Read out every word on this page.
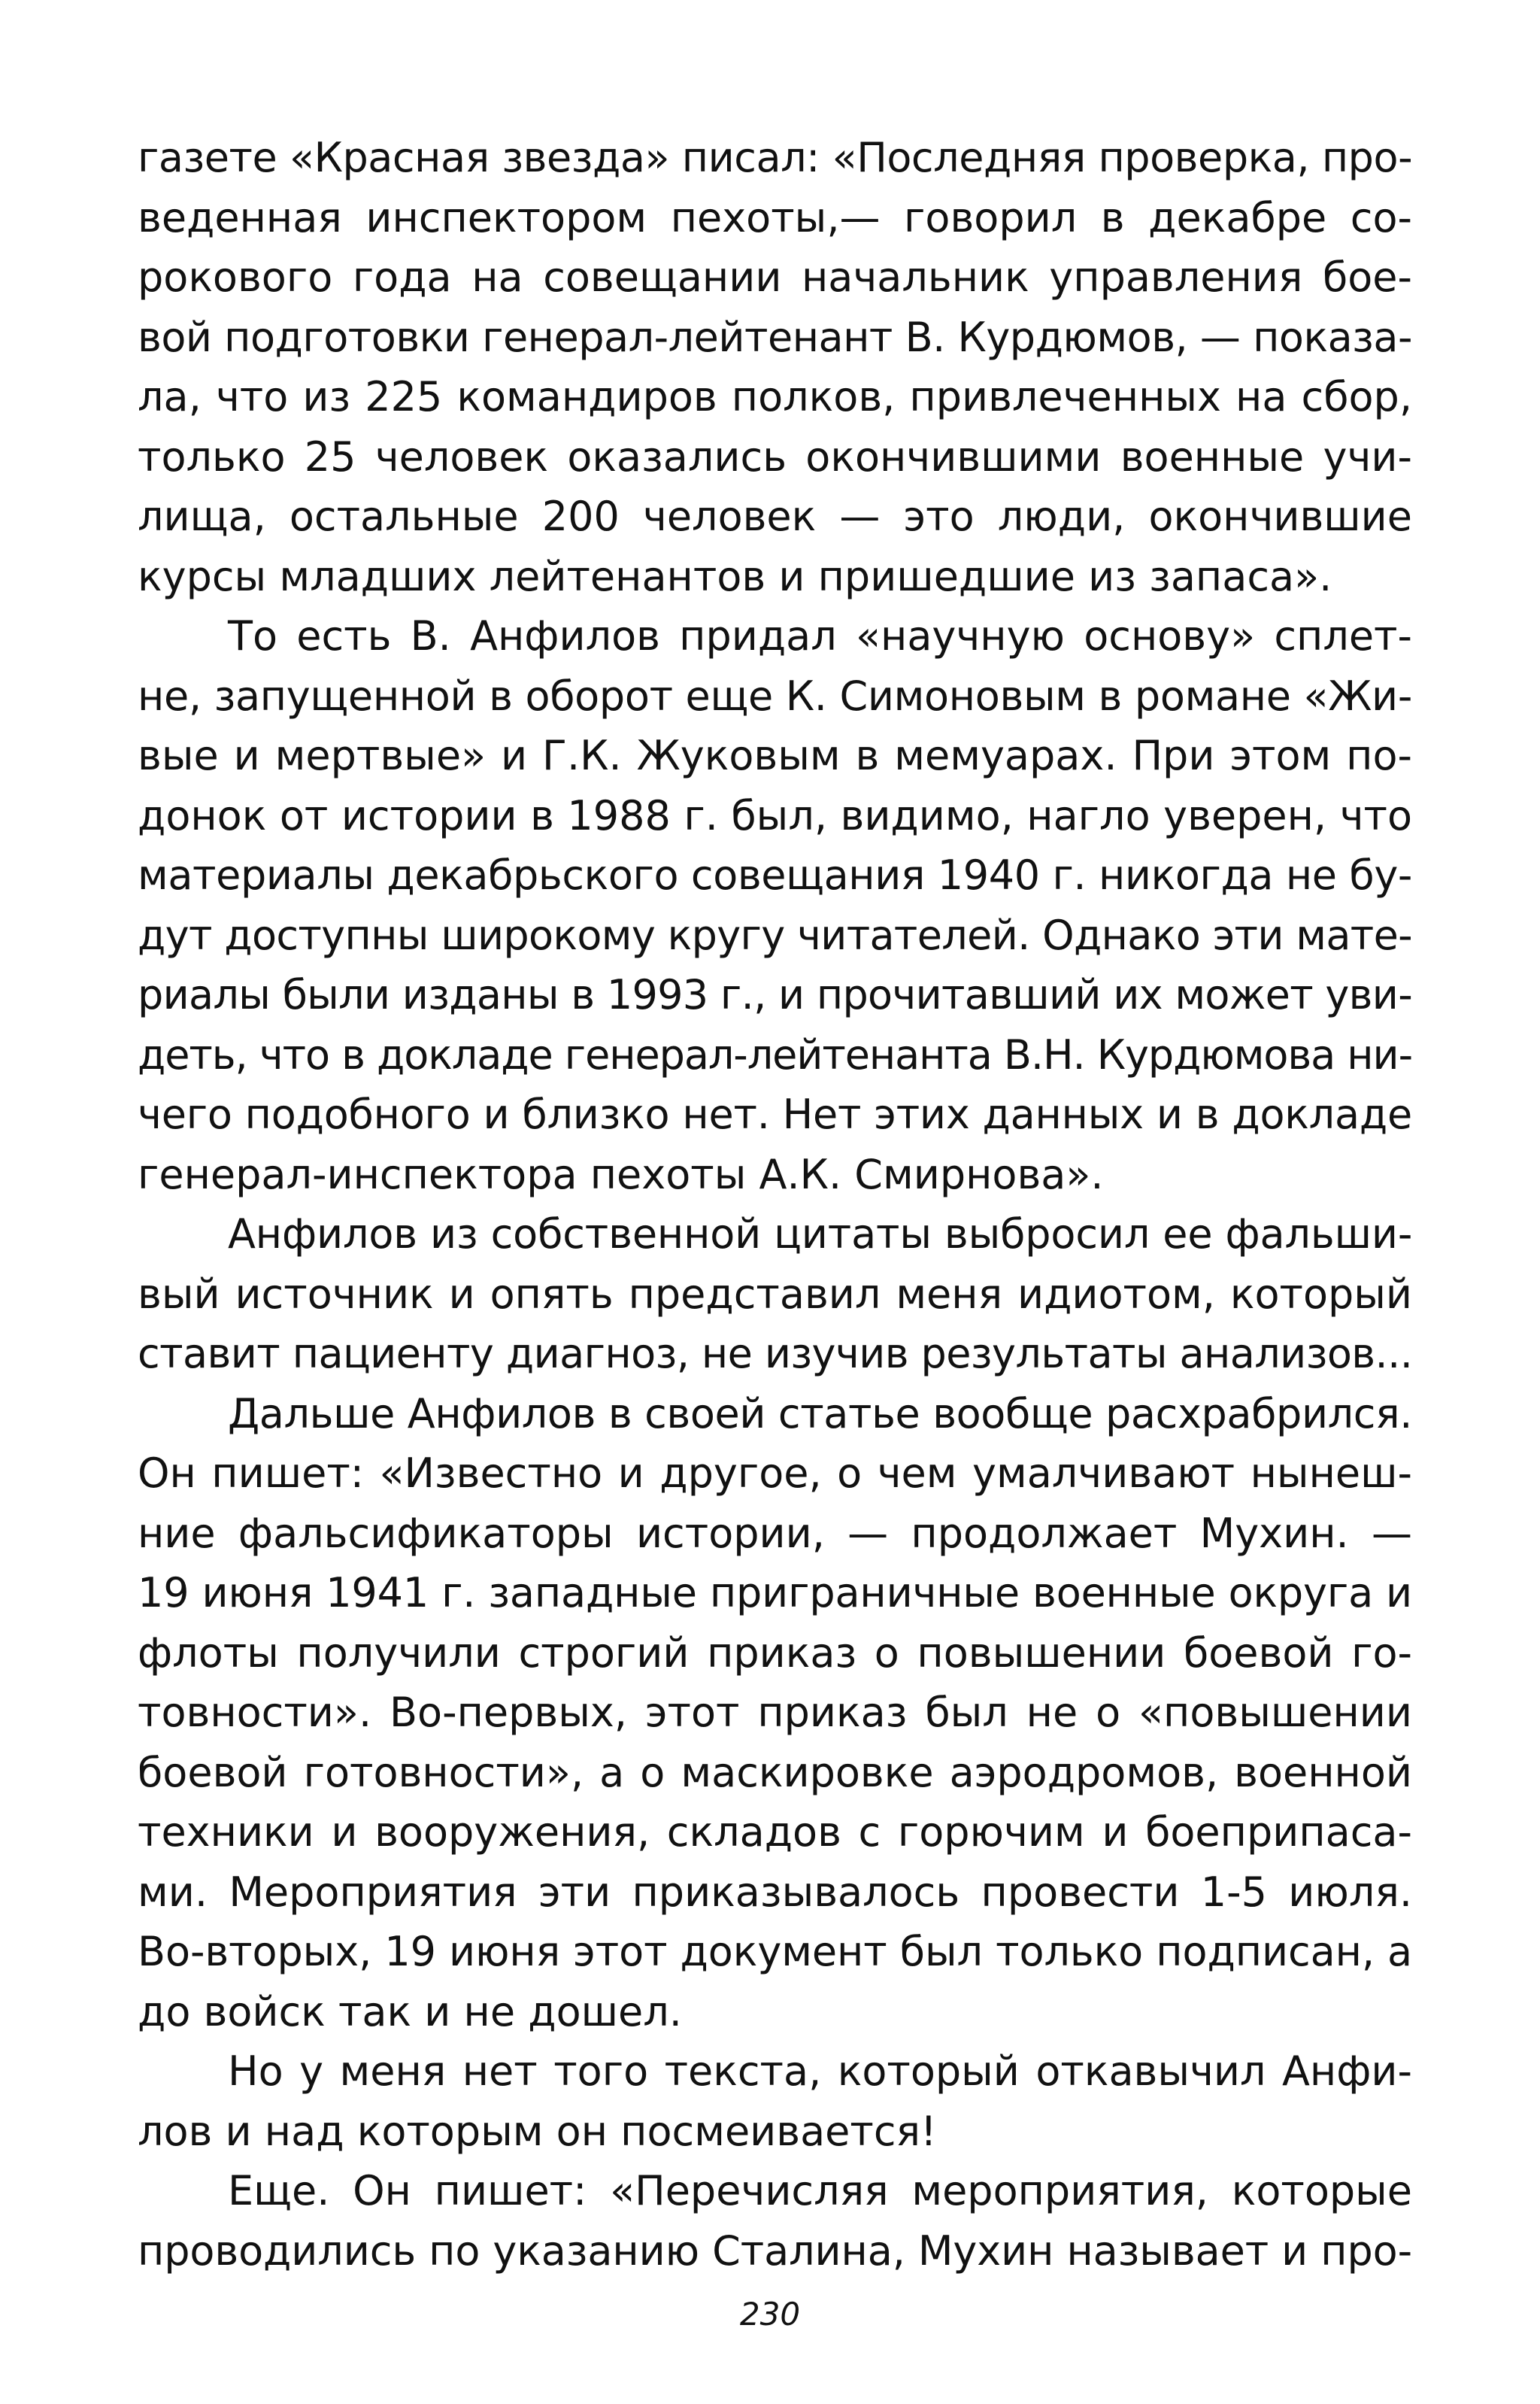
газете «Красная звезда» писал: «Последняя проверка, про-
веденная инспектором пехоты,— говорил в декабре со-
рокового года на совещании начальник управления бое-
вой подготовки генерал-лейтенант В. Курдюмов, — показа-
ла, что из 225 командиров полков, привлеченных на сбор,
только 25 человек оказались окончившими военные учи-
лища, остальные 200 человек — это люди, окончившие
курсы младших лейтенантов и пришедшие из запаса».
То есть В. Анфилов придал «научную основу» сплет-
не, запущенной в оборот еще К. Симоновым в романе «Жи-
вые и мертвые» и Г.К. Жуковым в мемуарах. При этом по-
донок от истории в 1988 г. был, видимо, нагло уверен, что
материалы декабрьского совещания 1940 г. никогда не бу-
дут доступны широкому кругу читателей. Однако эти мате-
риалы были изданы в 1993 г., и прочитавший их может уви-
деть, что в докладе генерал-лейтенанта В.Н. Курдюмова ни-
чего подобного и близко нет. Нет этих данных и в докладе
генерал-инспектора пехоты А.К. Смирнова».
Анфилов из собственной цитаты выбросил ее фальши-
вый источник и опять представил меня идиотом, который
ставит пациенту диагноз, не изучив результаты анализов...
Дальше Анфилов в своей статье вообще расхрабрился.
Он пишет: «Известно и другое, о чем умалчивают нынеш-
ние фальсификаторы истории, — продолжает Мухин. —
19 июня 1941 г. западные приграничные военные округа и
флоты получили строгий приказ о повышении боевой го-
товности». Во-первых, этот приказ был не о «повышении
боевой готовности», а о маскировке аэродромов, военной
техники и вооружения, складов с горючим и боеприпаса-
ми. Мероприятия эти приказывалось провести 1-5 июля.
Во-вторых, 19 июня этот документ был только подписан, а
до войск так и не дошел.
Но у меня нет того текста, который откавычил Анфи-
лов и над которым он посмеивается!
Еще. Он пишет: «Перечисляя мероприятия, которые
проводились по указанию Сталина, Мухин называет и про-
230
